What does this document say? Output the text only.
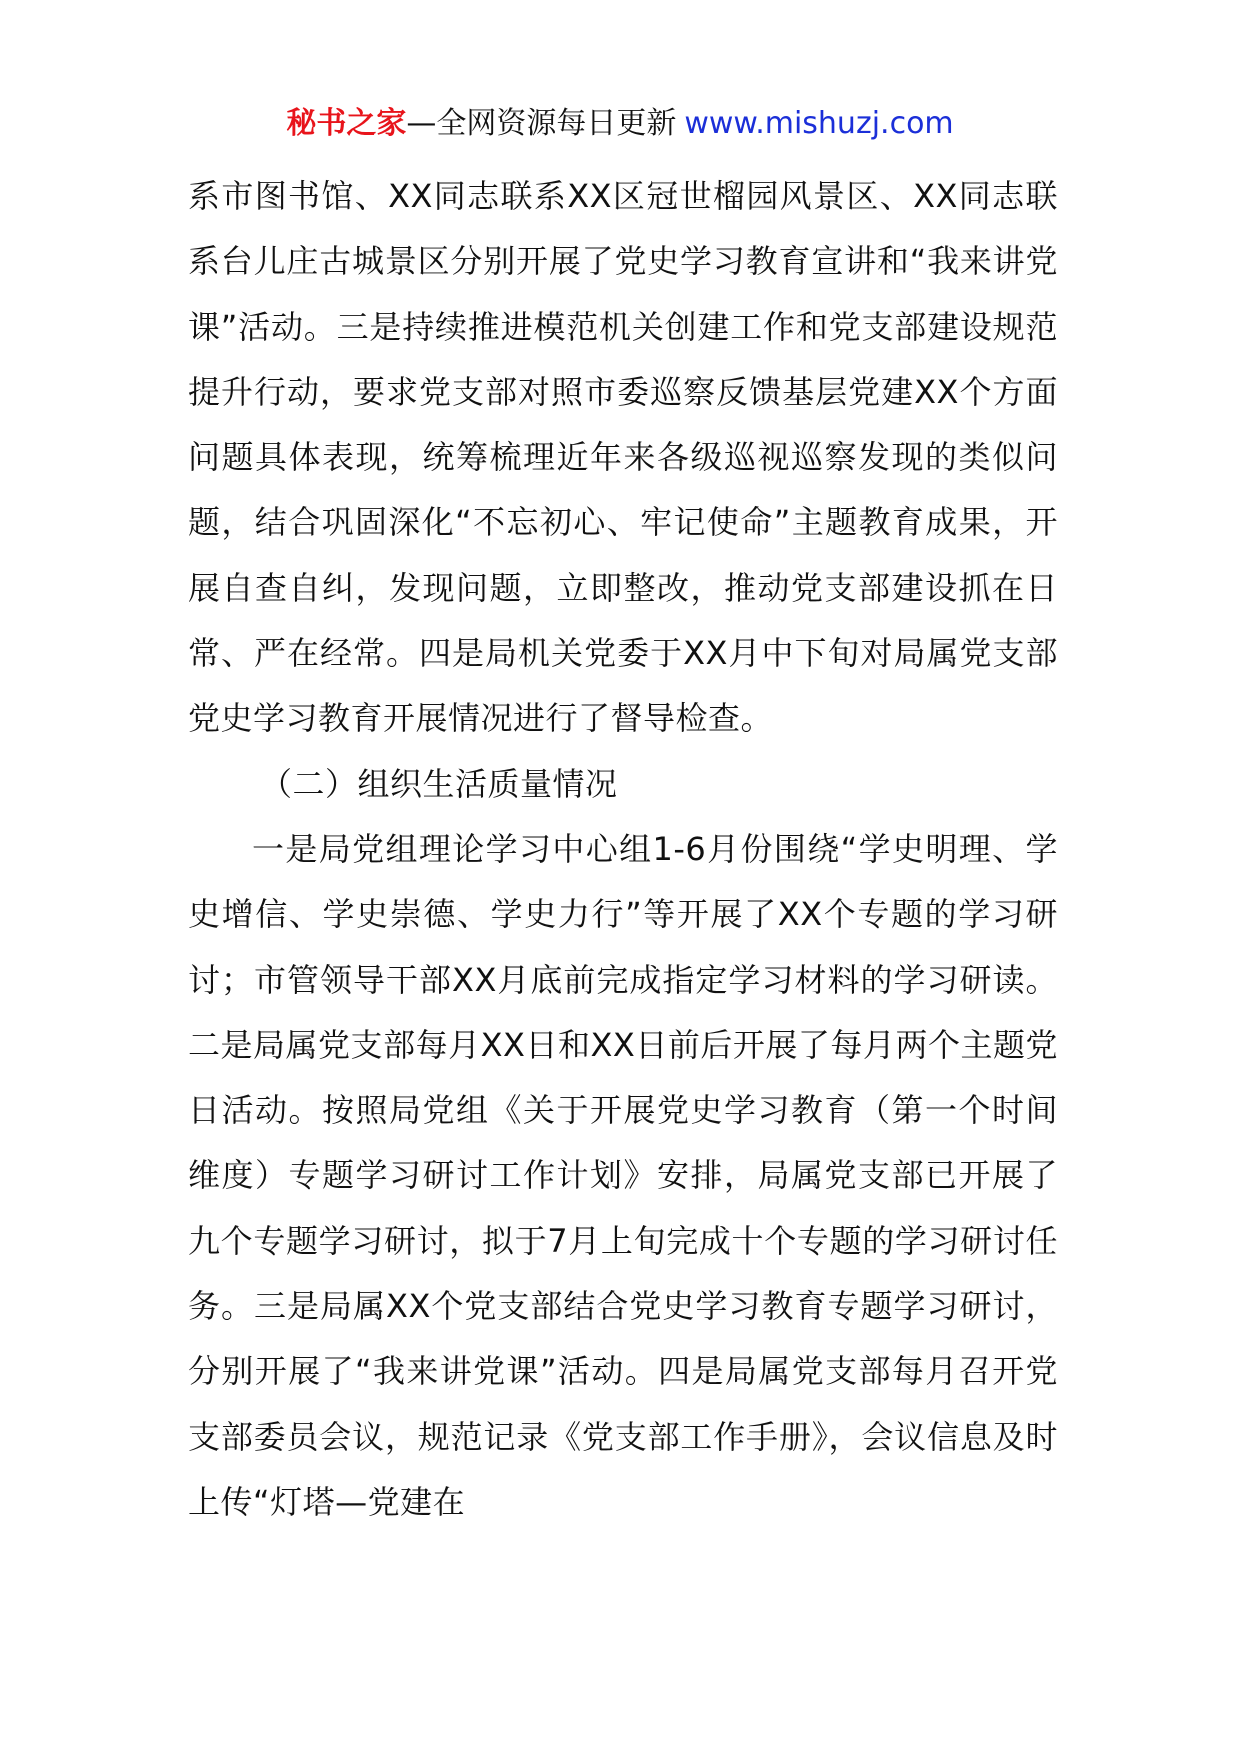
秘书之家—全网资源每日更新 www.mishuzj.com

系市图书馆、XX同志联系XX区冠世榴园风景区、XX同志联系台儿庄古城景区分别开展了党史学习教育宣讲和“我来讲党课”活动。三是持续推进模范机关创建工作和党支部建设规范提升行动，要求党支部对照市委巡察反馈基层党建XX个方面问题具体表现，统筹梳理近年来各级巡视巡察发现的类似问题，结合巩固深化“不忘初心、牢记使命”主题教育成果，开展自查自纠，发现问题，立即整改，推动党支部建设抓在日常、严在经常。四是局机关党委于XX月中下旬对局属党支部党史学习教育开展情况进行了督导检查。

（二）组织生活质量情况

一是局党组理论学习中心组1-6月份围绕“学史明理、学史增信、学史崇德、学史力行”等开展了XX个专题的学习研讨；市管领导干部XX月底前完成指定学习材料的学习研读。二是局属党支部每月XX日和XX日前后开展了每月两个主题党日活动。按照局党组《关于开展党史学习教育（第一个时间维度）专题学习研讨工作计划》安排，局属党支部已开展了九个专题学习研讨，拟于7月上旬完成十个专题的学习研讨任务。三是局属XX个党支部结合党史学习教育专题学习研讨，分别开展了“我来讲党课”活动。四是局属党支部每月召开党支部委员会议，规范记录《党支部工作手册》，会议信息及时上传“灯塔—党建在
